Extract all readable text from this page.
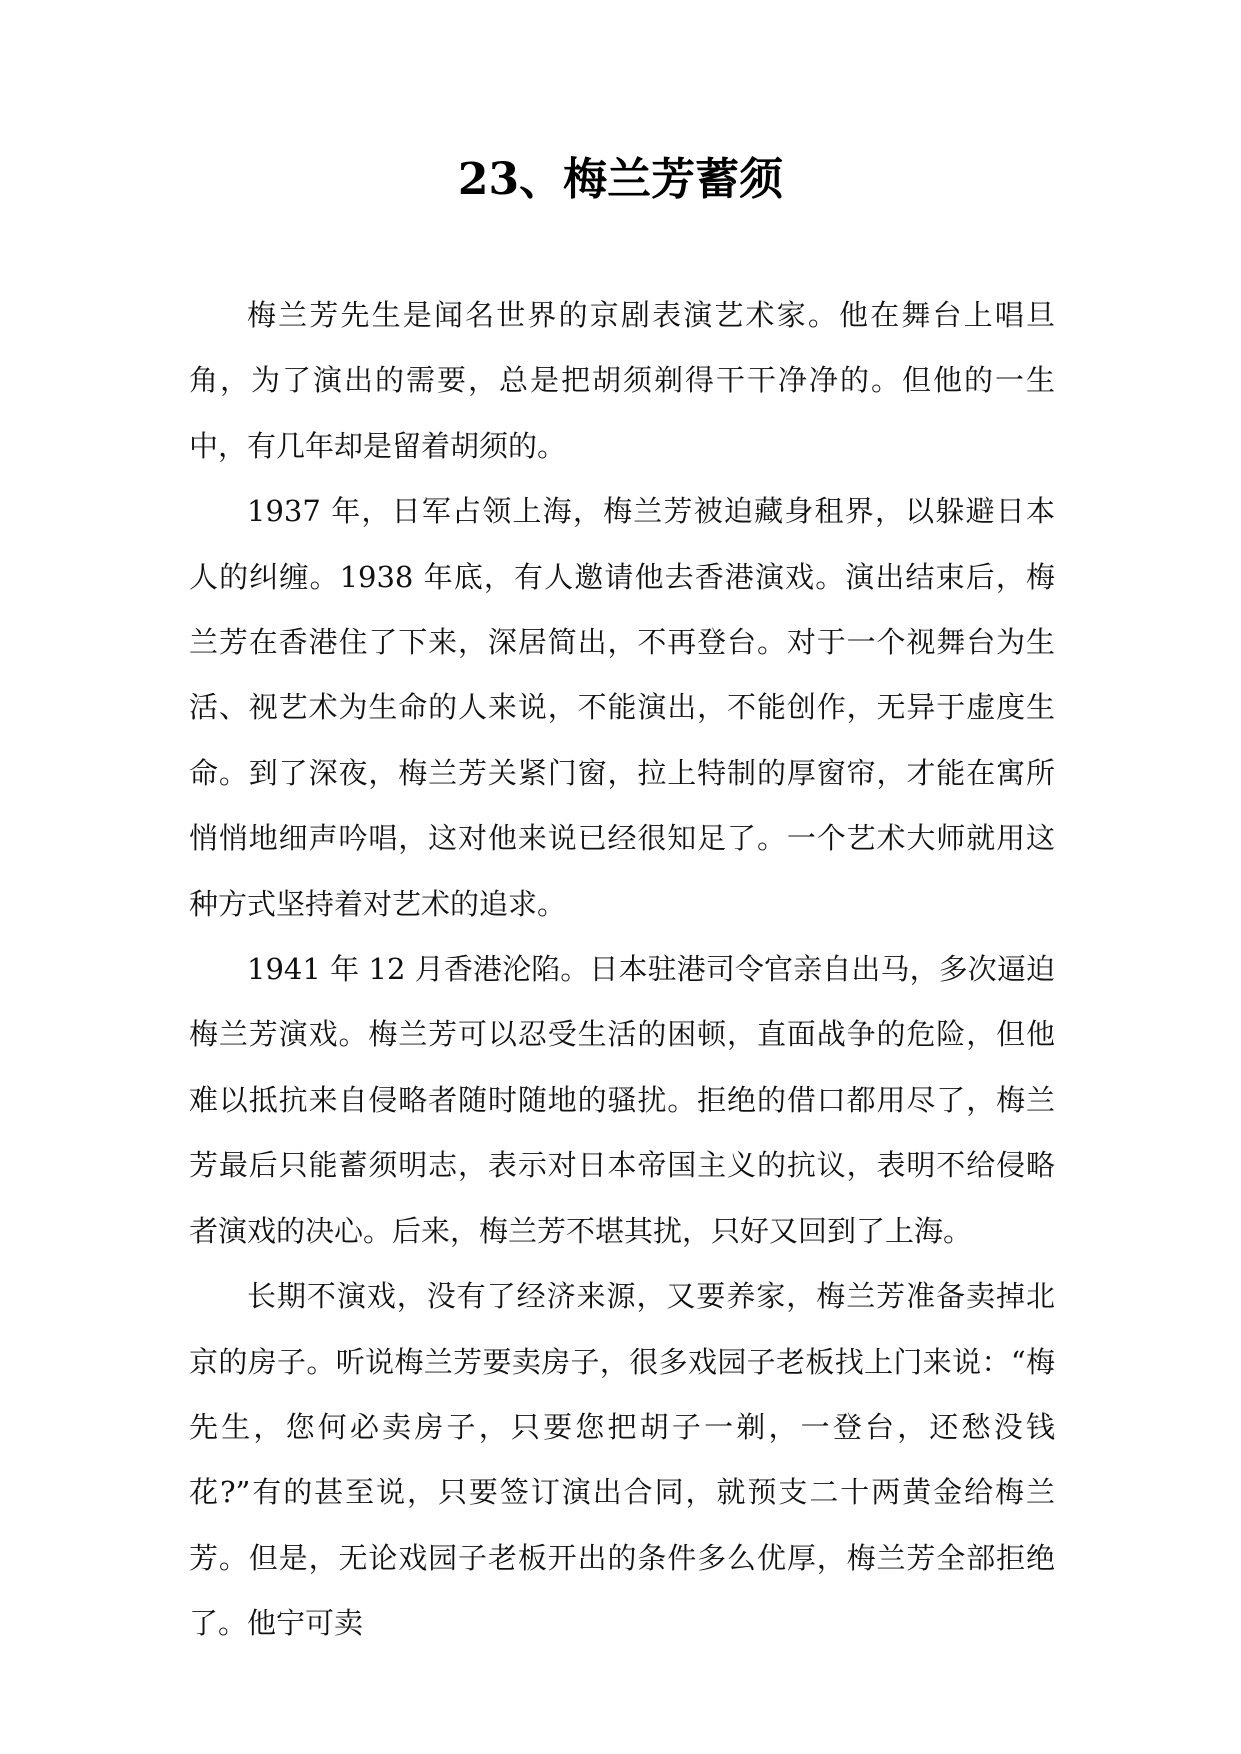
23、梅兰芳蓄须

梅兰芳先生是闻名世界的京剧表演艺术家。他在舞台上唱旦角，为了演出的需要，总是把胡须剃得干干净净的。但他的一生中，有几年却是留着胡须的。

1937 年，日军占领上海，梅兰芳被迫藏身租界，以躲避日本人的纠缠。1938 年底，有人邀请他去香港演戏。演出结束后，梅兰芳在香港住了下来，深居简出，不再登台。对于一个视舞台为生活、视艺术为生命的人来说，不能演出，不能创作，无异于虚度生命。到了深夜，梅兰芳关紧门窗，拉上特制的厚窗帘，才能在寓所悄悄地细声吟唱，这对他来说已经很知足了。一个艺术大师就用这种方式坚持着对艺术的追求。

1941 年 12 月香港沦陷。日本驻港司令官亲自出马，多次逼迫梅兰芳演戏。梅兰芳可以忍受生活的困顿，直面战争的危险，但他难以抵抗来自侵略者随时随地的骚扰。拒绝的借口都用尽了，梅兰芳最后只能蓄须明志，表示对日本帝国主义的抗议，表明不给侵略者演戏的决心。后来，梅兰芳不堪其扰，只好又回到了上海。

长期不演戏，没有了经济来源，又要养家，梅兰芳准备卖掉北京的房子。听说梅兰芳要卖房子，很多戏园子老板找上门来说：“梅先生，您何必卖房子，只要您把胡子一剃，一登台，还愁没钱花?”有的甚至说，只要签订演出合同，就预支二十两黄金给梅兰芳。但是，无论戏园子老板开出的条件多么优厚，梅兰芳全部拒绝了。他宁可卖
